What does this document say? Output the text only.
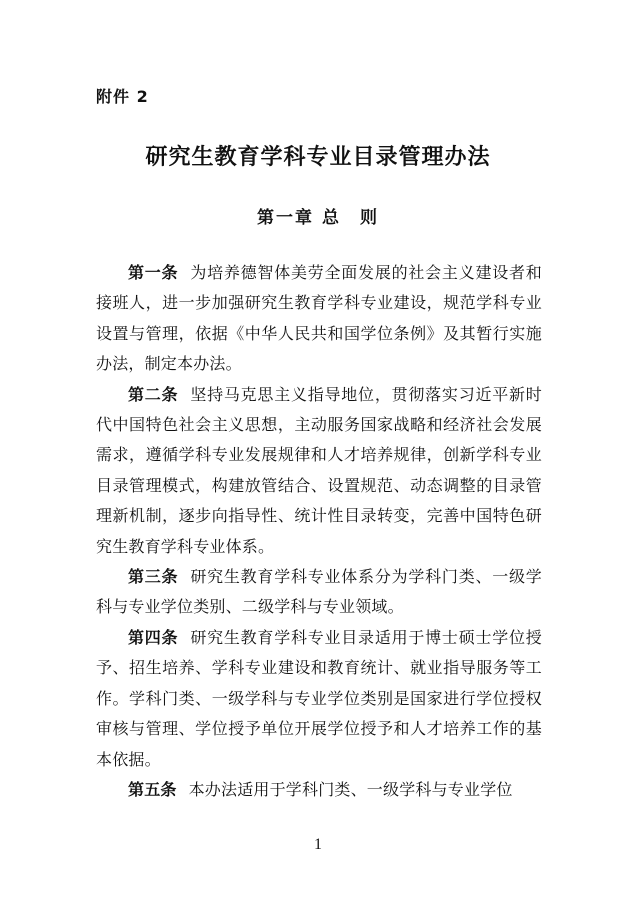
附件 2
研究生教育学科专业目录管理办法
第一章 总　则

第一条 为培养德智体美劳全面发展的社会主义建设者和接班人，进一步加强研究生教育学科专业建设，规范学科专业设置与管理，依据《中华人民共和国学位条例》及其暂行实施办法，制定本办法。

第二条 坚持马克思主义指导地位，贯彻落实习近平新时代中国特色社会主义思想，主动服务国家战略和经济社会发展需求，遵循学科专业发展规律和人才培养规律，创新学科专业目录管理模式，构建放管结合、设置规范、动态调整的目录管理新机制，逐步向指导性、统计性目录转变，完善中国特色研究生教育学科专业体系。

第三条 研究生教育学科专业体系分为学科门类、一级学科与专业学位类别、二级学科与专业领域。

第四条 研究生教育学科专业目录适用于博士硕士学位授予、招生培养、学科专业建设和教育统计、就业指导服务等工作。学科门类、一级学科与专业学位类别是国家进行学位授权审核与管理、学位授予单位开展学位授予和人才培养工作的基本依据。

第五条 本办法适用于学科门类、一级学科与专业学位

1
